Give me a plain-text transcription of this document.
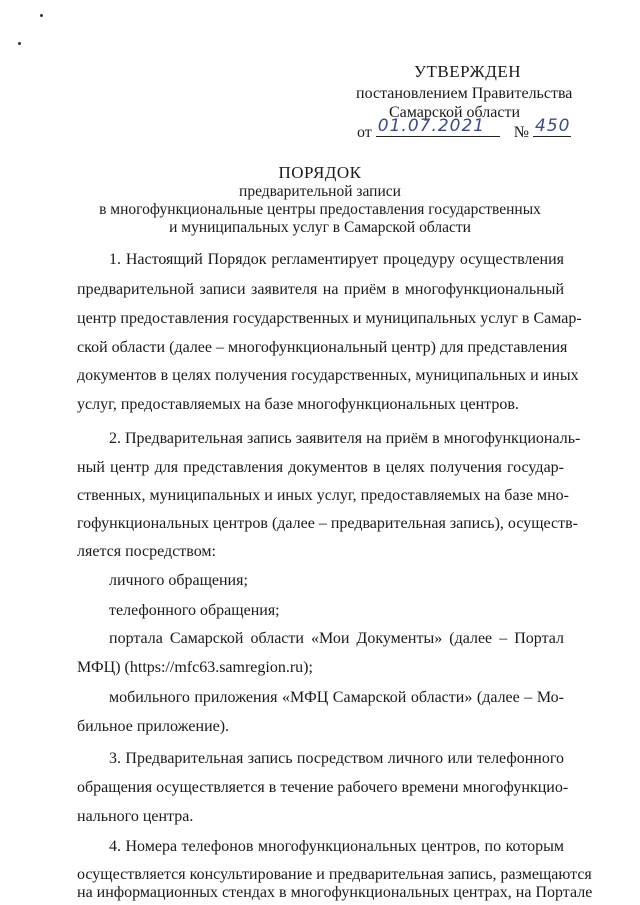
УТВЕРЖДЕН
постановлением Правительства
Самарской области
от 01.07.2021 № 450
ПОРЯДОК
предварительной записи
в многофункциональные центры предоставления государственных
и муниципальных услуг в Самарской области
1. Настоящий Порядок регламентирует процедуру осуществления
предварительной записи заявителя на приём в многофункциональный
центр предоставления государственных и муниципальных услуг в Самар-
ской области (далее – многофункциональный центр) для представления
документов в целях получения государственных, муниципальных и иных
услуг, предоставляемых на базе многофункциональных центров.
2. Предварительная запись заявителя на приём в многофункциональ-
ный центр для представления документов в целях получения государ-
ственных, муниципальных и иных услуг, предоставляемых на базе мно-
гофункциональных центров (далее – предварительная запись), осуществ-
ляется посредством:
личного обращения;
телефонного обращения;
портала Самарской области «Мои Документы» (далее – Портал
МФЦ) (https://mfc63.samregion.ru);
мобильного приложения «МФЦ Самарской области» (далее – Мо-
бильное приложение).
3. Предварительная запись посредством личного или телефонного
обращения осуществляется в течение рабочего времени многофункцио-
нального центра.
4. Номера телефонов многофункциональных центров, по которым
осуществляется консультирование и предварительная запись, размещаются
на информационных стендах в многофункциональных центрах, на Портале
